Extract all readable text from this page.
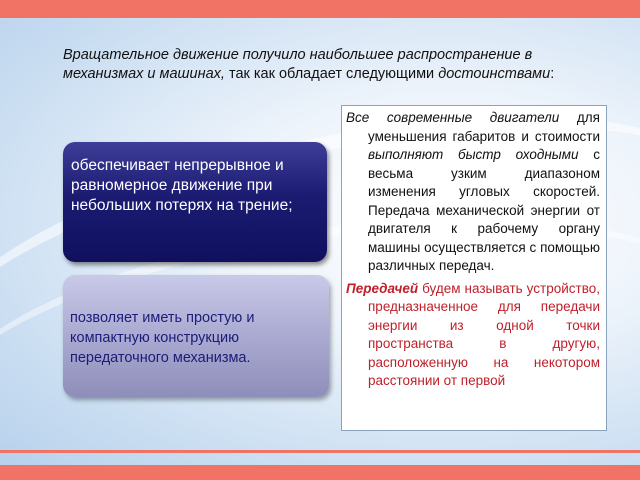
Вращательное движение получило наибольшее распространение в механизмах и машинах, так как обладает следующими достоинствами:
обеспечивает непрерывное и равномерное движение при небольших потерях на трение;
позволяет иметь простую и компактную конструкцию передаточного механизма.

Все современные двигатели для уменьшения габаритов и стоимости выполняют быстр оходными с весьма узким диапазоном изменения угловых скоростей. Передача механической энергии от двигателя к рабочему органу машины осуществляется с помощью различных передач.

Передачей будем называть устройство, предназначенное для передачи энергии из одной точки пространства в другую, расположенную на некотором расстоянии от первой
